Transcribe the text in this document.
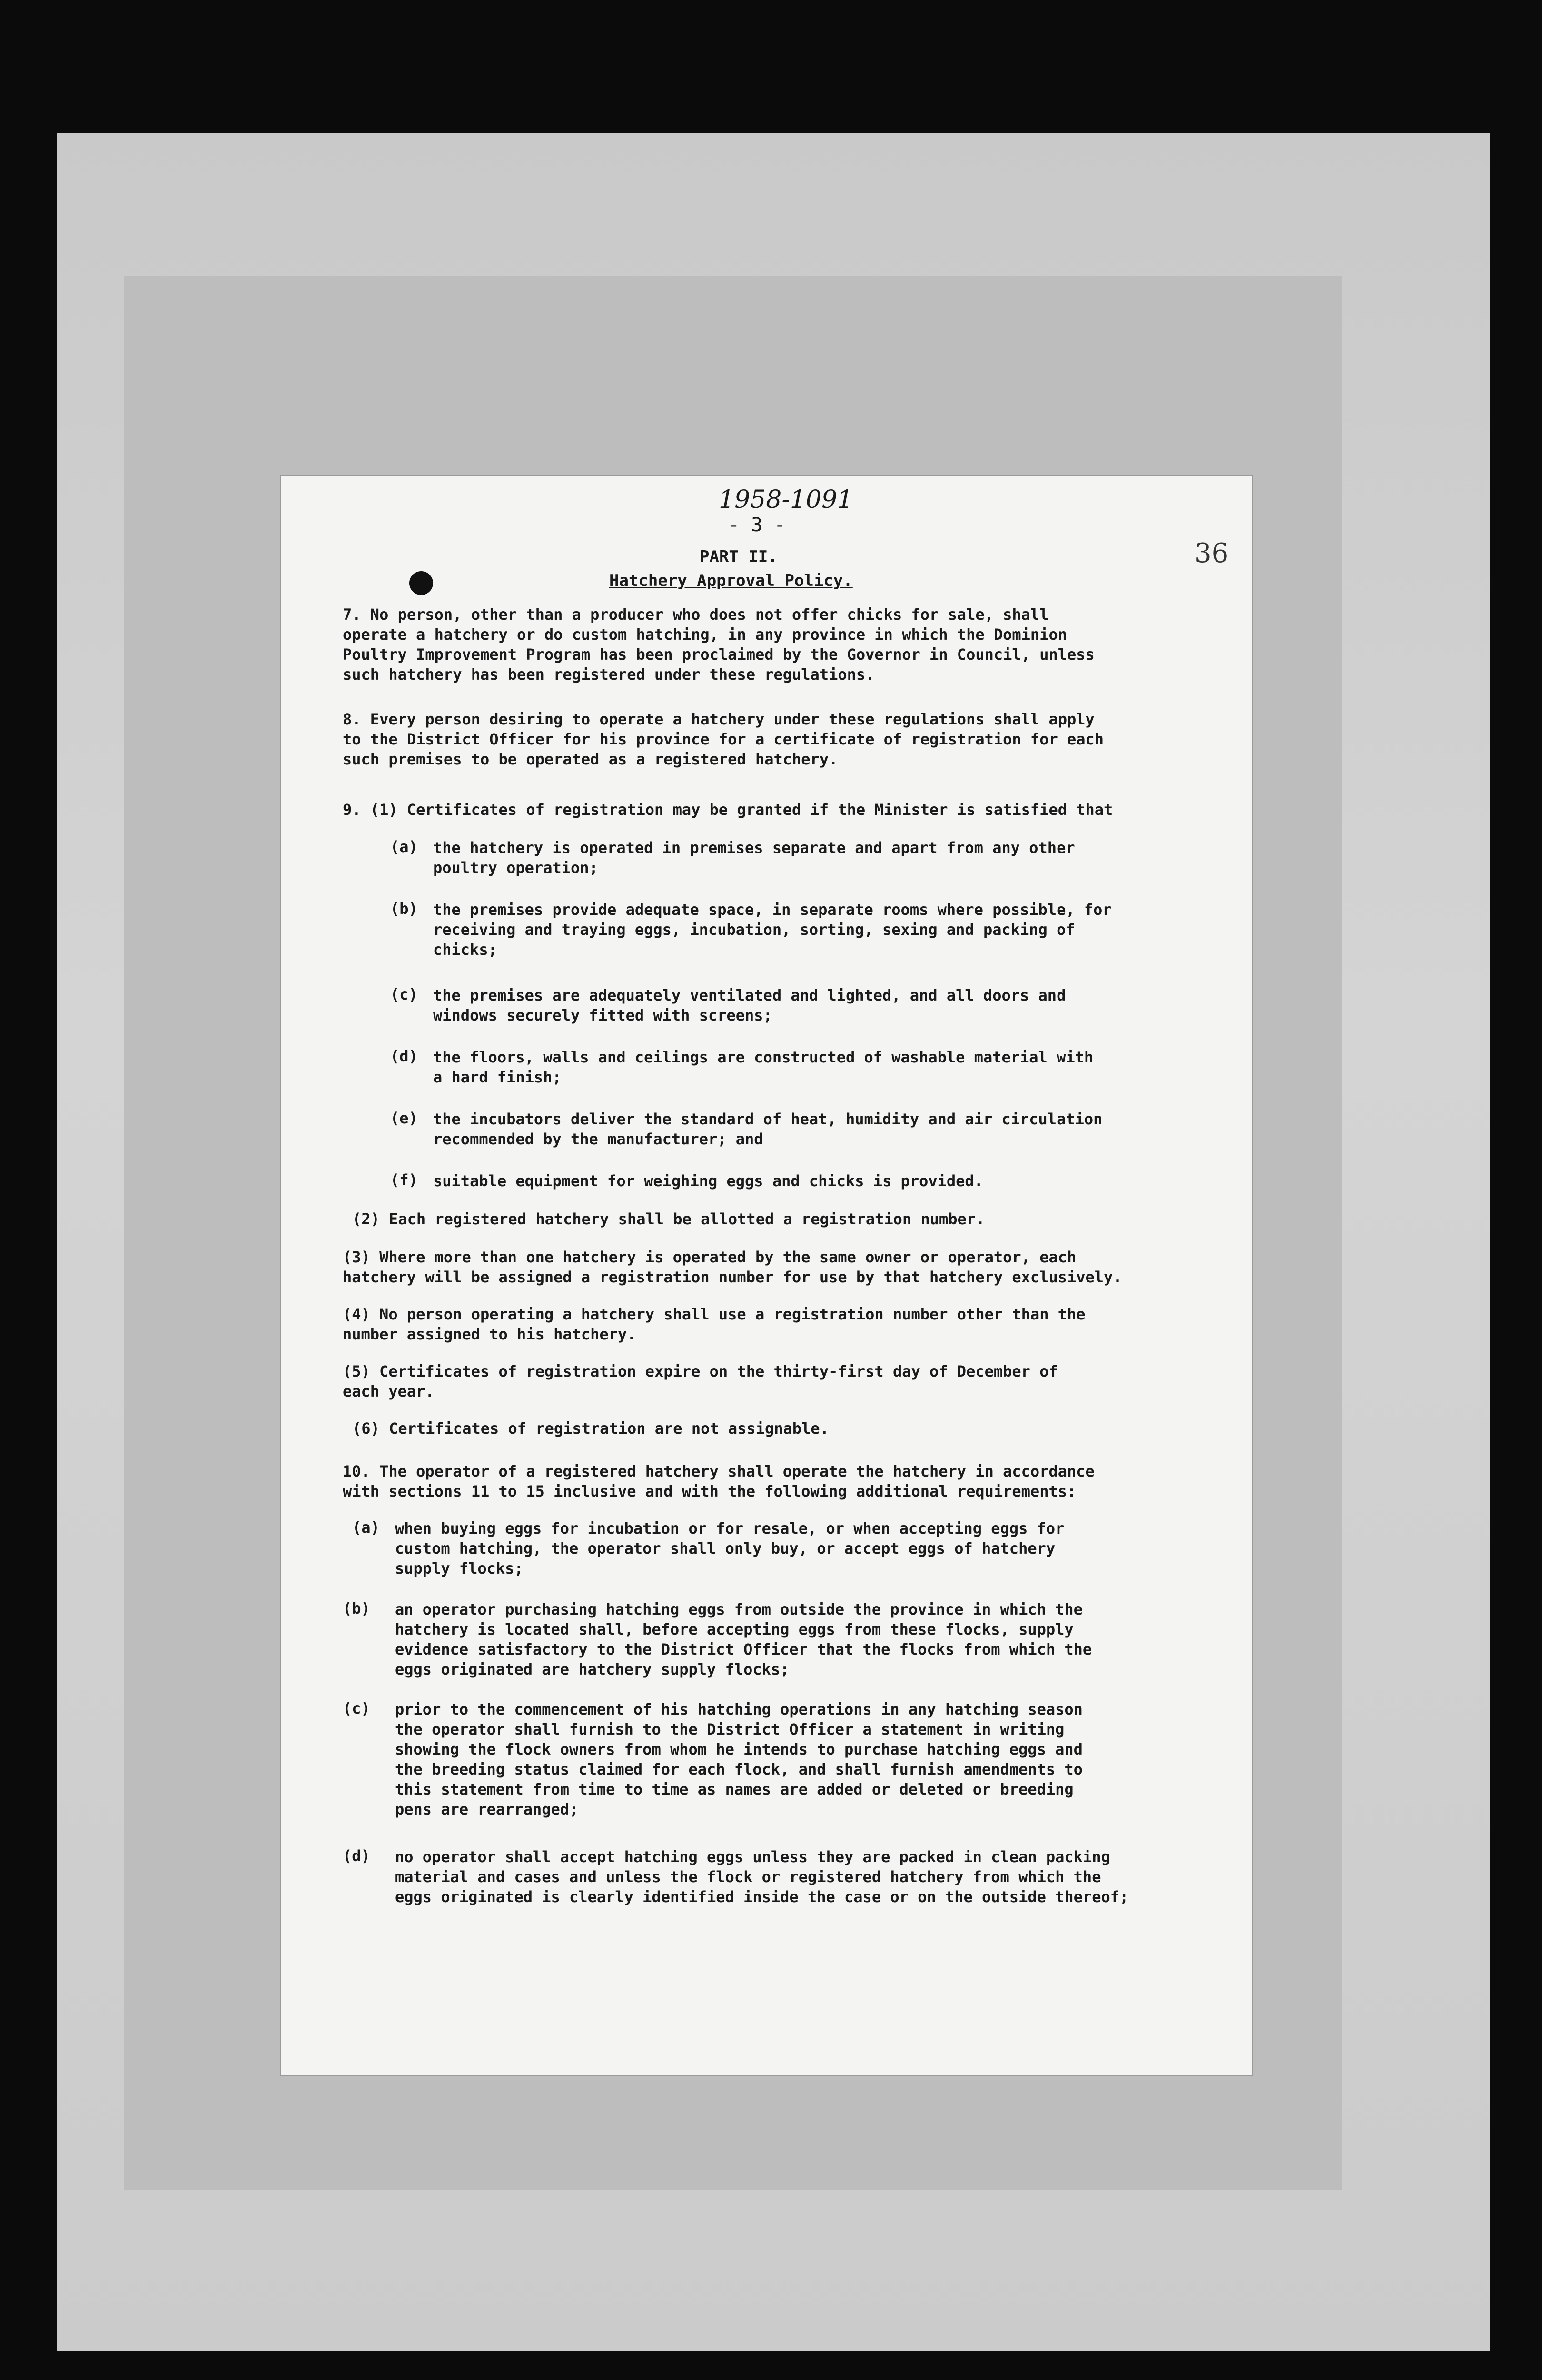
1958-1091
- 3 -
36
PART II.
Hatchery Approval Policy.

7. No person, other than a producer who does not offer chicks for sale, shall
operate a hatchery or do custom hatching, in any province in which the Dominion
Poultry Improvement Program has been proclaimed by the Governor in Council, unless
such hatchery has been registered under these regulations.

8. Every person desiring to operate a hatchery under these regulations shall apply
to the District Officer for his province for a certificate of registration for each
such premises to be operated as a registered hatchery.

9. (1) Certificates of registration may be granted if the Minister is satisfied that

(a) the hatchery is operated in premises separate and apart from any other
poultry operation;

(b) the premises provide adequate space, in separate rooms where possible, for
receiving and traying eggs, incubation, sorting, sexing and packing of
chicks;

(c) the premises are adequately ventilated and lighted, and all doors and
windows securely fitted with screens;

(d) the floors, walls and ceilings are constructed of washable material with
a hard finish;

(e) the incubators deliver the standard of heat, humidity and air circulation
recommended by the manufacturer; and

(f) suitable equipment for weighing eggs and chicks is provided.

(2) Each registered hatchery shall be allotted a registration number.

(3) Where more than one hatchery is operated by the same owner or operator, each
hatchery will be assigned a registration number for use by that hatchery exclusively.

(4) No person operating a hatchery shall use a registration number other than the
number assigned to his hatchery.

(5) Certificates of registration expire on the thirty-first day of December of
each year.

(6) Certificates of registration are not assignable.

10. The operator of a registered hatchery shall operate the hatchery in accordance
with sections 11 to 15 inclusive and with the following additional requirements:

(a) when buying eggs for incubation or for resale, or when accepting eggs for
custom hatching, the operator shall only buy, or accept eggs of hatchery
supply flocks;

(b) an operator purchasing hatching eggs from outside the province in which the
hatchery is located shall, before accepting eggs from these flocks, supply
evidence satisfactory to the District Officer that the flocks from which the
eggs originated are hatchery supply flocks;

(c) prior to the commencement of his hatching operations in any hatching season
the operator shall furnish to the District Officer a statement in writing
showing the flock owners from whom he intends to purchase hatching eggs and
the breeding status claimed for each flock, and shall furnish amendments to
this statement from time to time as names are added or deleted or breeding
pens are rearranged;

(d) no operator shall accept hatching eggs unless they are packed in clean packing
material and cases and unless the flock or registered hatchery from which the
eggs originated is clearly identified inside the case or on the outside thereof;
